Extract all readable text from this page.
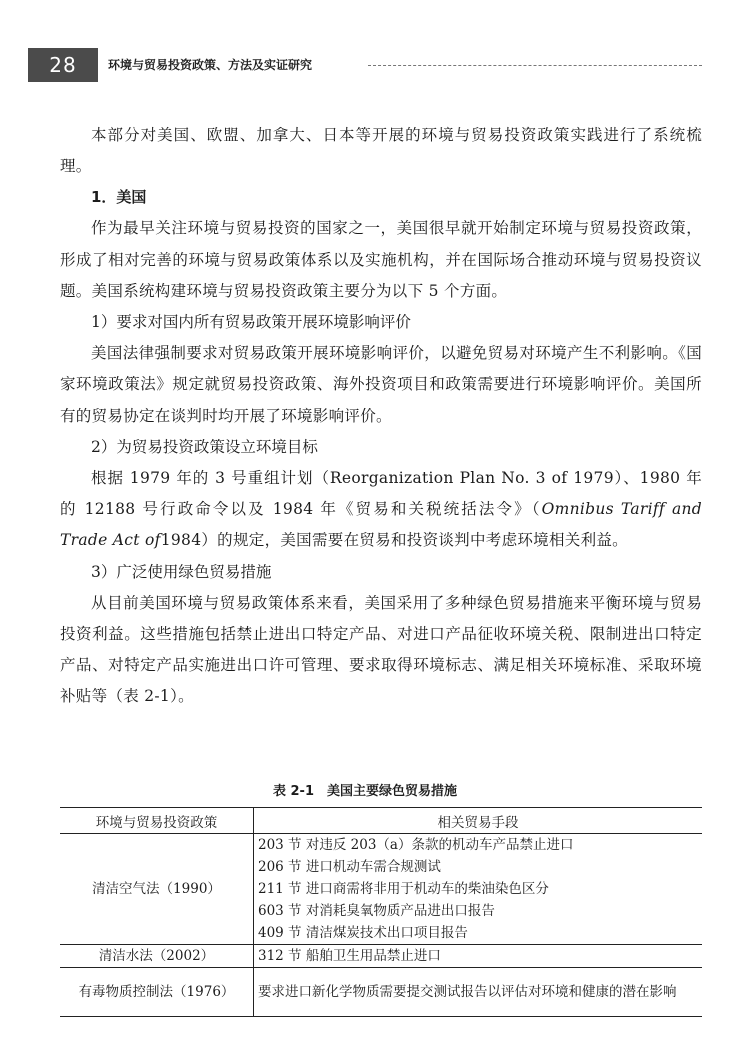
28	环境与贸易投资政策、方法及实证研究

本部分对美国、欧盟、加拿大、日本等开展的环境与贸易投资政策实践进行了系统梳理。

1．美国

作为最早关注环境与贸易投资的国家之一，美国很早就开始制定环境与贸易投资政策，形成了相对完善的环境与贸易政策体系以及实施机构，并在国际场合推动环境与贸易投资议题。美国系统构建环境与贸易投资政策主要分为以下 5 个方面。

1）要求对国内所有贸易政策开展环境影响评价

美国法律强制要求对贸易政策开展环境影响评价，以避免贸易对环境产生不利影响。《国家环境政策法》规定就贸易投资政策、海外投资项目和政策需要进行环境影响评价。美国所有的贸易协定在谈判时均开展了环境影响评价。

2）为贸易投资政策设立环境目标

根据 1979 年的 3 号重组计划（Reorganization Plan No. 3 of 1979）、1980 年的 12188 号行政命令以及 1984 年《贸易和关税统括法令》（Omnibus Tariff and Trade Act of1984）的规定，美国需要在贸易和投资谈判中考虑环境相关利益。

3）广泛使用绿色贸易措施

从目前美国环境与贸易政策体系来看，美国采用了多种绿色贸易措施来平衡环境与贸易投资利益。这些措施包括禁止进出口特定产品、对进口产品征收环境关税、限制进出口特定产品、对特定产品实施进出口许可管理、要求取得环境标志、满足相关环境标准、采取环境补贴等（表 2-1）。

表 2-1　美国主要绿色贸易措施
环境与贸易投资政策	相关贸易手段
清洁空气法（1990）	203 节 对违反 203（a）条款的机动车产品禁止进口
	206 节 进口机动车需合规测试
	211 节 进口商需将非用于机动车的柴油染色区分
	603 节 对消耗臭氧物质产品进出口报告
	409 节 清洁煤炭技术出口项目报告
清洁水法（2002）	312 节 船舶卫生用品禁止进口
有毒物质控制法（1976）	要求进口新化学物质需要提交测试报告以评估对环境和健康的潜在影响
